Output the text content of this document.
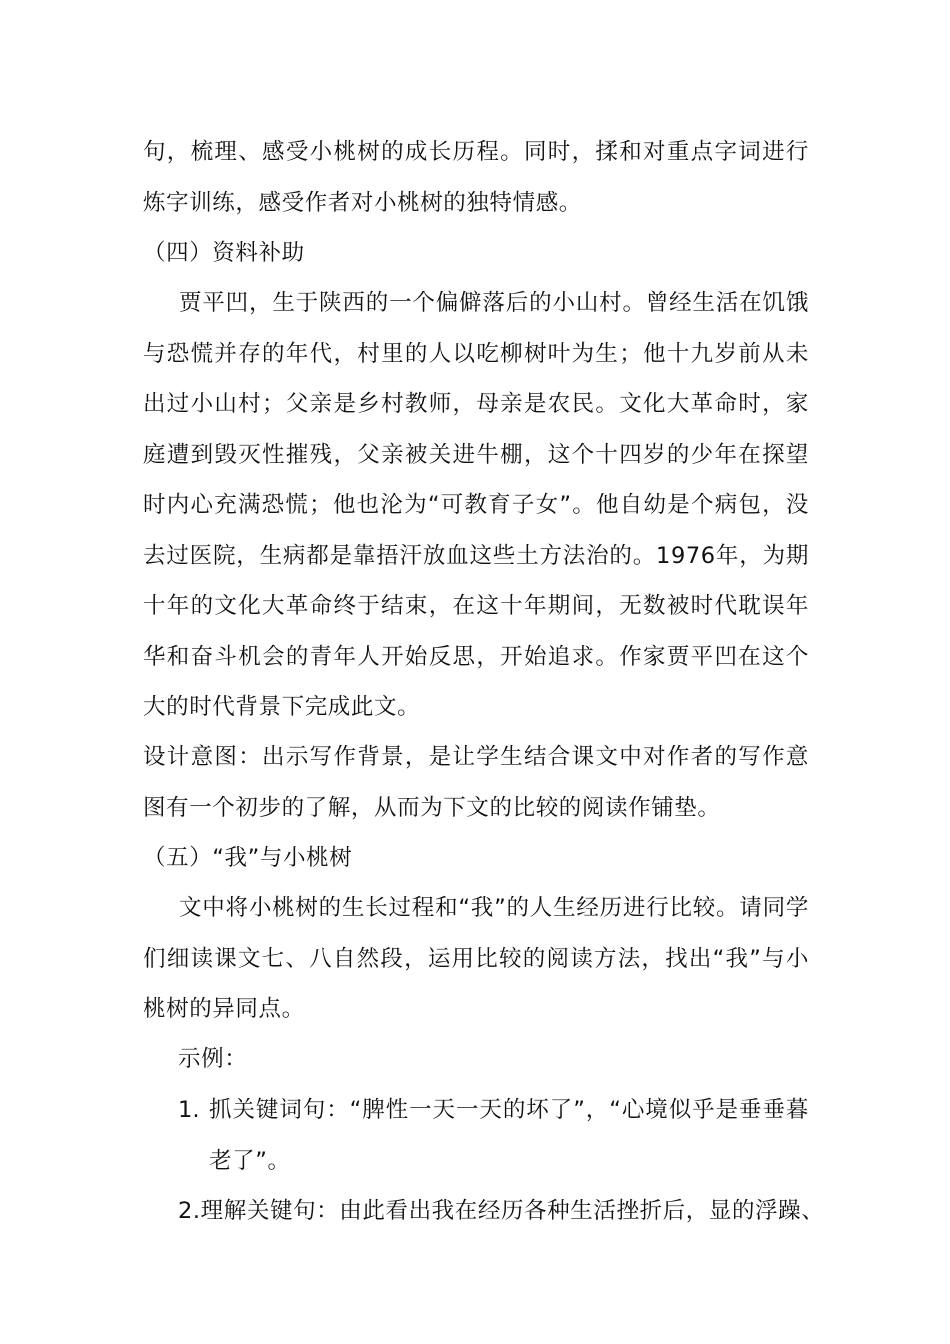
句，梳理、感受小桃树的成长历程。同时，揉和对重点字词进行炼字训练，感受作者对小桃树的独特情感。
（四）资料补助
贾平凹，生于陕西的一个偏僻落后的小山村。曾经生活在饥饿与恐慌并存的年代，村里的人以吃柳树叶为生；他十九岁前从未出过小山村；父亲是乡村教师，母亲是农民。文化大革命时，家庭遭到毁灭性摧残，父亲被关进牛棚，这个十四岁的少年在探望时内心充满恐慌；他也沦为“可教育子女”。他自幼是个病包，没去过医院，生病都是靠捂汗放血这些土方法治的。1976年，为期十年的文化大革命终于结束，在这十年期间，无数被时代耽误年华和奋斗机会的青年人开始反思，开始追求。作家贾平凹在这个大的时代背景下完成此文。
设计意图：出示写作背景，是让学生结合课文中对作者的写作意图有一个初步的了解，从而为下文的比较的阅读作铺垫。
（五）“我”与小桃树
文中将小桃树的生长过程和“我”的人生经历进行比较。请同学们细读课文七、八自然段，运用比较的阅读方法，找出“我”与小桃树的异同点。
示例：
1. 抓关键词句：“脾性一天一天的坏了”，“心境似乎是垂垂暮老了”。
2.理解关键句：由此看出我在经历各种生活挫折后，显的浮躁、
